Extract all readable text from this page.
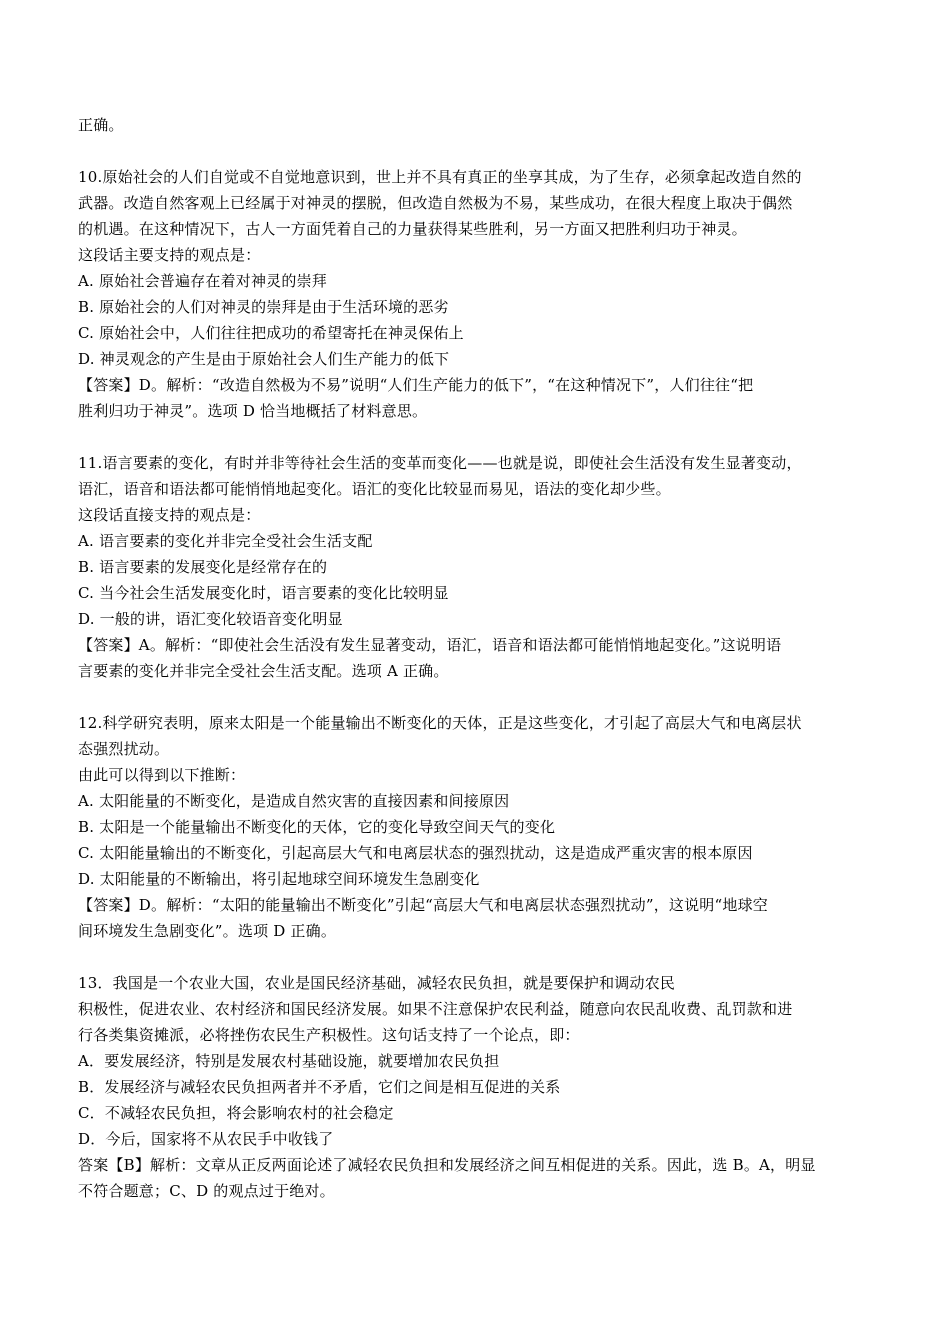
正确。
10.原始社会的人们自觉或不自觉地意识到，世上并不具有真正的坐享其成，为了生存，必须拿起改造自然的
武器。改造自然客观上已经属于对神灵的摆脱，但改造自然极为不易，某些成功，在很大程度上取决于偶然
的机遇。在这种情况下，古人一方面凭着自己的力量获得某些胜利，另一方面又把胜利归功于神灵。
这段话主要支持的观点是：
A. 原始社会普遍存在着对神灵的崇拜
B. 原始社会的人们对神灵的崇拜是由于生活环境的恶劣
C. 原始社会中，人们往往把成功的希望寄托在神灵保佑上
D. 神灵观念的产生是由于原始社会人们生产能力的低下
【答案】D。解析：“改造自然极为不易”说明“人们生产能力的低下”，“在这种情况下”，人们往往“把
胜利归功于神灵”。选项 D 恰当地概括了材料意思。
11.语言要素的变化，有时并非等待社会生活的变革而变化——也就是说，即使社会生活没有发生显著变动，
语汇，语音和语法都可能悄悄地起变化。语汇的变化比较显而易见，语法的变化却少些。
这段话直接支持的观点是：
A. 语言要素的变化并非完全受社会生活支配
B. 语言要素的发展变化是经常存在的
C. 当今社会生活发展变化时，语言要素的变化比较明显
D. 一般的讲，语汇变化较语音变化明显
【答案】A。解析：“即使社会生活没有发生显著变动，语汇，语音和语法都可能悄悄地起变化。”这说明语
言要素的变化并非完全受社会生活支配。选项 A 正确。
12.科学研究表明，原来太阳是一个能量输出不断变化的天体，正是这些变化，才引起了高层大气和电离层状
态强烈扰动。
由此可以得到以下推断：
A. 太阳能量的不断变化，是造成自然灾害的直接因素和间接原因
B. 太阳是一个能量输出不断变化的天体，它的变化导致空间天气的变化
C. 太阳能量输出的不断变化，引起高层大气和电离层状态的强烈扰动，这是造成严重灾害的根本原因
D. 太阳能量的不断输出，将引起地球空间环境发生急剧变化
【答案】D。解析：“太阳的能量输出不断变化”引起“高层大气和电离层状态强烈扰动”，这说明“地球空
间环境发生急剧变化”。选项 D 正确。
13．我国是一个农业大国，农业是国民经济基础，减轻农民负担，就是要保护和调动农民
积极性，促进农业、农村经济和国民经济发展。如果不注意保护农民利益，随意向农民乱收费、乱罚款和进
行各类集资摊派，必将挫伤农民生产积极性。这句话支持了一个论点，即：
A．要发展经济，特别是发展农村基础设施，就要增加农民负担
B．发展经济与减轻农民负担两者并不矛盾，它们之间是相互促进的关系
C．不减轻农民负担，将会影响农村的社会稳定
D．今后，国家将不从农民手中收钱了
答案【B】解析：文章从正反两面论述了减轻农民负担和发展经济之间互相促进的关系。因此，选 B。A，明显
不符合题意；C、D 的观点过于绝对。
